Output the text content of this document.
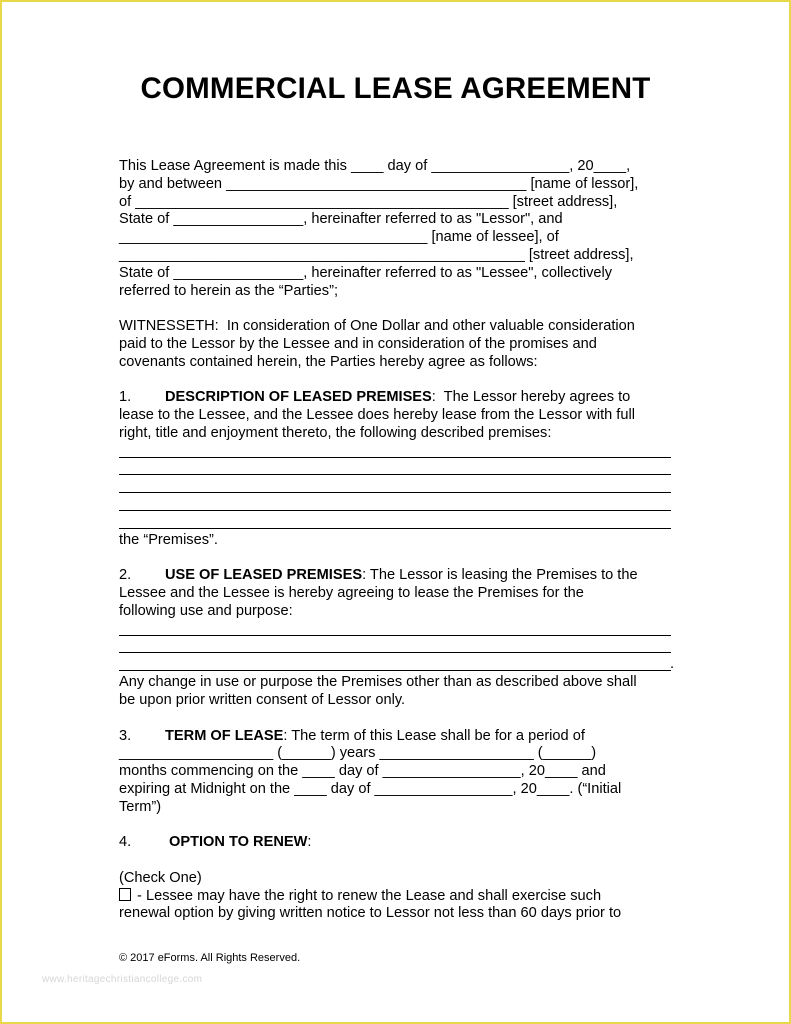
COMMERCIAL LEASE AGREEMENT
This Lease Agreement is made this ____ day of _________________, 20____,
by and between _____________________________________ [name of lessor],
of ______________________________________________ [street address],
State of ________________, hereinafter referred to as "Lessor", and
______________________________________ [name of lessee], of
__________________________________________________ [street address],
State of ________________, hereinafter referred to as "Lessee", collectively
referred to herein as the “Parties”;
WITNESSETH:  In consideration of One Dollar and other valuable consideration
paid to the Lessor by the Lessee and in consideration of the promises and
covenants contained herein, the Parties hereby agree as follows:
1. DESCRIPTION OF LEASED PREMISES:  The Lessor hereby agrees to
lease to the Lessee, and the Lessee does hereby lease from the Lessor with full
right, title and enjoyment thereto, the following described premises:
the “Premises”.
2. USE OF LEASED PREMISES: The Lessor is leasing the Premises to the
Lessee and the Lessee is hereby agreeing to lease the Premises for the
following use and purpose:
.
Any change in use or purpose the Premises other than as described above shall
be upon prior written consent of Lessor only.
3. TERM OF LEASE: The term of this Lease shall be for a period of
___________________ (______) years ___________________ (______)
months commencing on the ____ day of _________________, 20____ and
expiring at Midnight on the ____ day of _________________, 20____. (“Initial
Term”)
4.	OPTION TO RENEW:
(Check One)
- Lessee may have the right to renew the Lease and shall exercise such
renewal option by giving written notice to Lessor not less than 60 days prior to
© 2017 eForms. All Rights Reserved.
www.heritagechristiancollege.com
